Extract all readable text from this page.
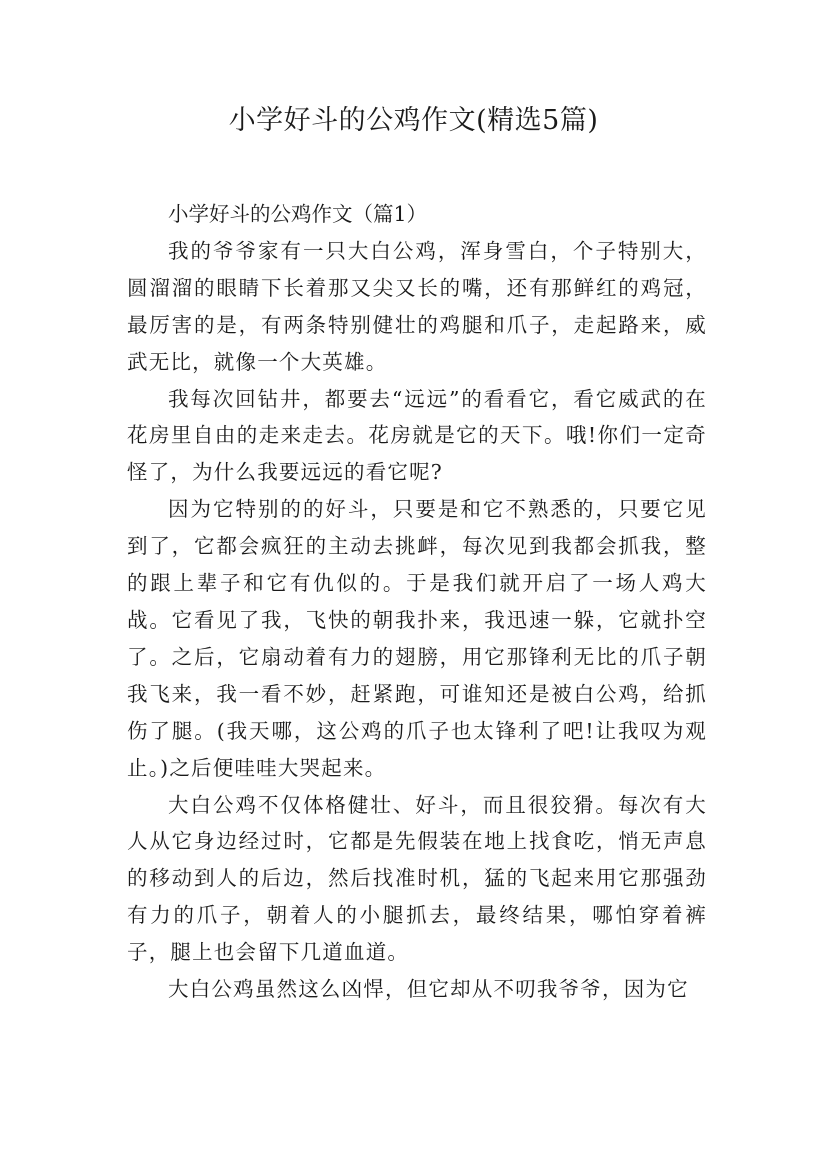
小学好斗的公鸡作文(精选5篇)

小学好斗的公鸡作文（篇1）

我的爷爷家有一只大白公鸡，浑身雪白，个子特别大，圆溜溜的眼睛下长着那又尖又长的嘴，还有那鲜红的鸡冠，最厉害的是，有两条特别健壮的鸡腿和爪子，走起路来，威武无比，就像一个大英雄。

我每次回钻井，都要去“远远”的看看它，看它威武的在花房里自由的走来走去。花房就是它的天下。哦!你们一定奇怪了，为什么我要远远的看它呢?

因为它特别的的好斗，只要是和它不熟悉的，只要它见到了，它都会疯狂的主动去挑衅，每次见到我都会抓我，整的跟上辈子和它有仇似的。于是我们就开启了一场人鸡大战。它看见了我，飞快的朝我扑来，我迅速一躲，它就扑空了。之后，它扇动着有力的翅膀，用它那锋利无比的爪子朝我飞来，我一看不妙，赶紧跑，可谁知还是被白公鸡，给抓伤了腿。(我天哪，这公鸡的爪子也太锋利了吧!让我叹为观止。)之后便哇哇大哭起来。

大白公鸡不仅体格健壮、好斗，而且很狡猾。每次有大人从它身边经过时，它都是先假装在地上找食吃，悄无声息的移动到人的后边，然后找准时机，猛的飞起来用它那强劲有力的爪子，朝着人的小腿抓去，最终结果，哪怕穿着裤子，腿上也会留下几道血道。

大白公鸡虽然这么凶悍，但它却从不叨我爷爷，因为它
